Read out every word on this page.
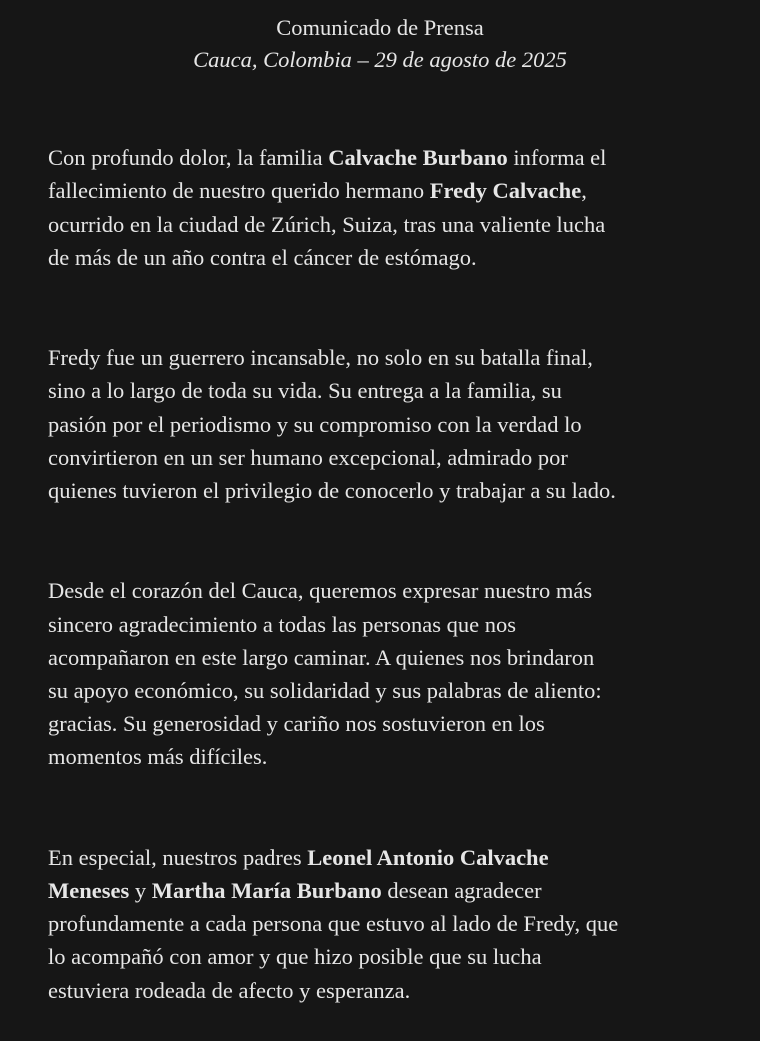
Comunicado de Prensa

Cauca, Colombia – 29 de agosto de 2025

Con profundo dolor, la familia Calvache Burbano informa el
fallecimiento de nuestro querido hermano Fredy Calvache,
ocurrido en la ciudad de Zúrich, Suiza, tras una valiente lucha
de más de un año contra el cáncer de estómago.

Fredy fue un guerrero incansable, no solo en su batalla final,
sino a lo largo de toda su vida. Su entrega a la familia, su
pasión por el periodismo y su compromiso con la verdad lo
convirtieron en un ser humano excepcional, admirado por
quienes tuvieron el privilegio de conocerlo y trabajar a su lado.

Desde el corazón del Cauca, queremos expresar nuestro más
sincero agradecimiento a todas las personas que nos
acompañaron en este largo caminar. A quienes nos brindaron
su apoyo económico, su solidaridad y sus palabras de aliento:
gracias. Su generosidad y cariño nos sostuvieron en los
momentos más difíciles.

En especial, nuestros padres Leonel Antonio Calvache
Meneses y Martha María Burbano desean agradecer
profundamente a cada persona que estuvo al lado de Fredy, que
lo acompañó con amor y que hizo posible que su lucha
estuviera rodeada de afecto y esperanza.
